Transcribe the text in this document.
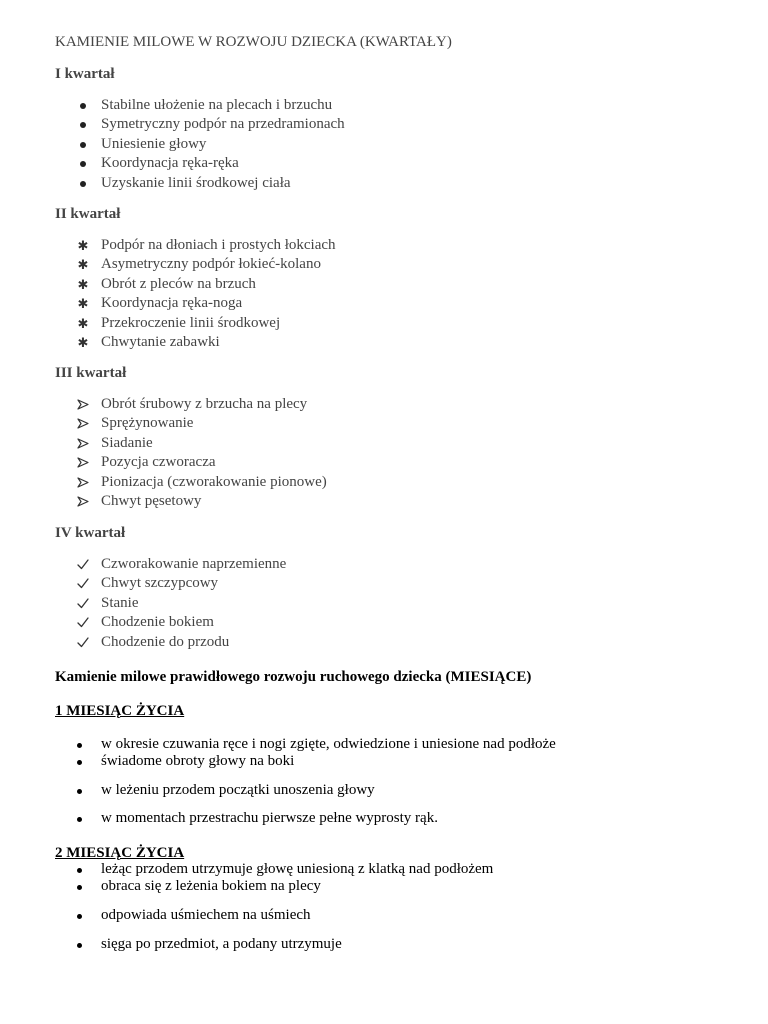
KAMIENIE MILOWE W ROZWOJU DZIECKA (KWARTAŁY)
I kwartał
Stabilne ułożenie na plecach i brzuchu
Symetryczny podpór na przedramionach
Uniesienie głowy
Koordynacja ręka-ręka
Uzyskanie linii środkowej ciała
II kwartał
✱ Podpór na dłoniach i prostych łokciach
✱ Asymetryczny podpór łokieć-kolano
✱ Obrót z pleców na brzuch
✱ Koordynacja ręka-noga
✱ Przekroczenie linii środkowej
✱ Chwytanie zabawki
III kwartał
Obrót śrubowy z brzucha na plecy
Sprężynowanie
Siadanie
Pozycja czworacza
Pionizacja (czworakowanie pionowe)
Chwyt pęsetowy
IV kwartał
Czworakowanie naprzemienne
Chwyt szczypcowy
Stanie
Chodzenie bokiem
Chodzenie do przodu
Kamienie milowe prawidłowego rozwoju ruchowego dziecka (MIESIĄCE)
1 MIESIĄC ŻYCIA
w okresie czuwania ręce i nogi zgięte, odwiedzione i uniesione nad podłoże
świadome obroty głowy na boki
w leżeniu przodem początki unoszenia głowy
w momentach przestrachu pierwsze pełne wyprosty rąk.
2 MIESIĄC ŻYCIA
leżąc przodem utrzymuje głowę uniesioną z klatką nad podłożem
obraca się z leżenia bokiem na plecy
odpowiada uśmiechem na uśmiech
sięga po przedmiot, a podany utrzymuje
